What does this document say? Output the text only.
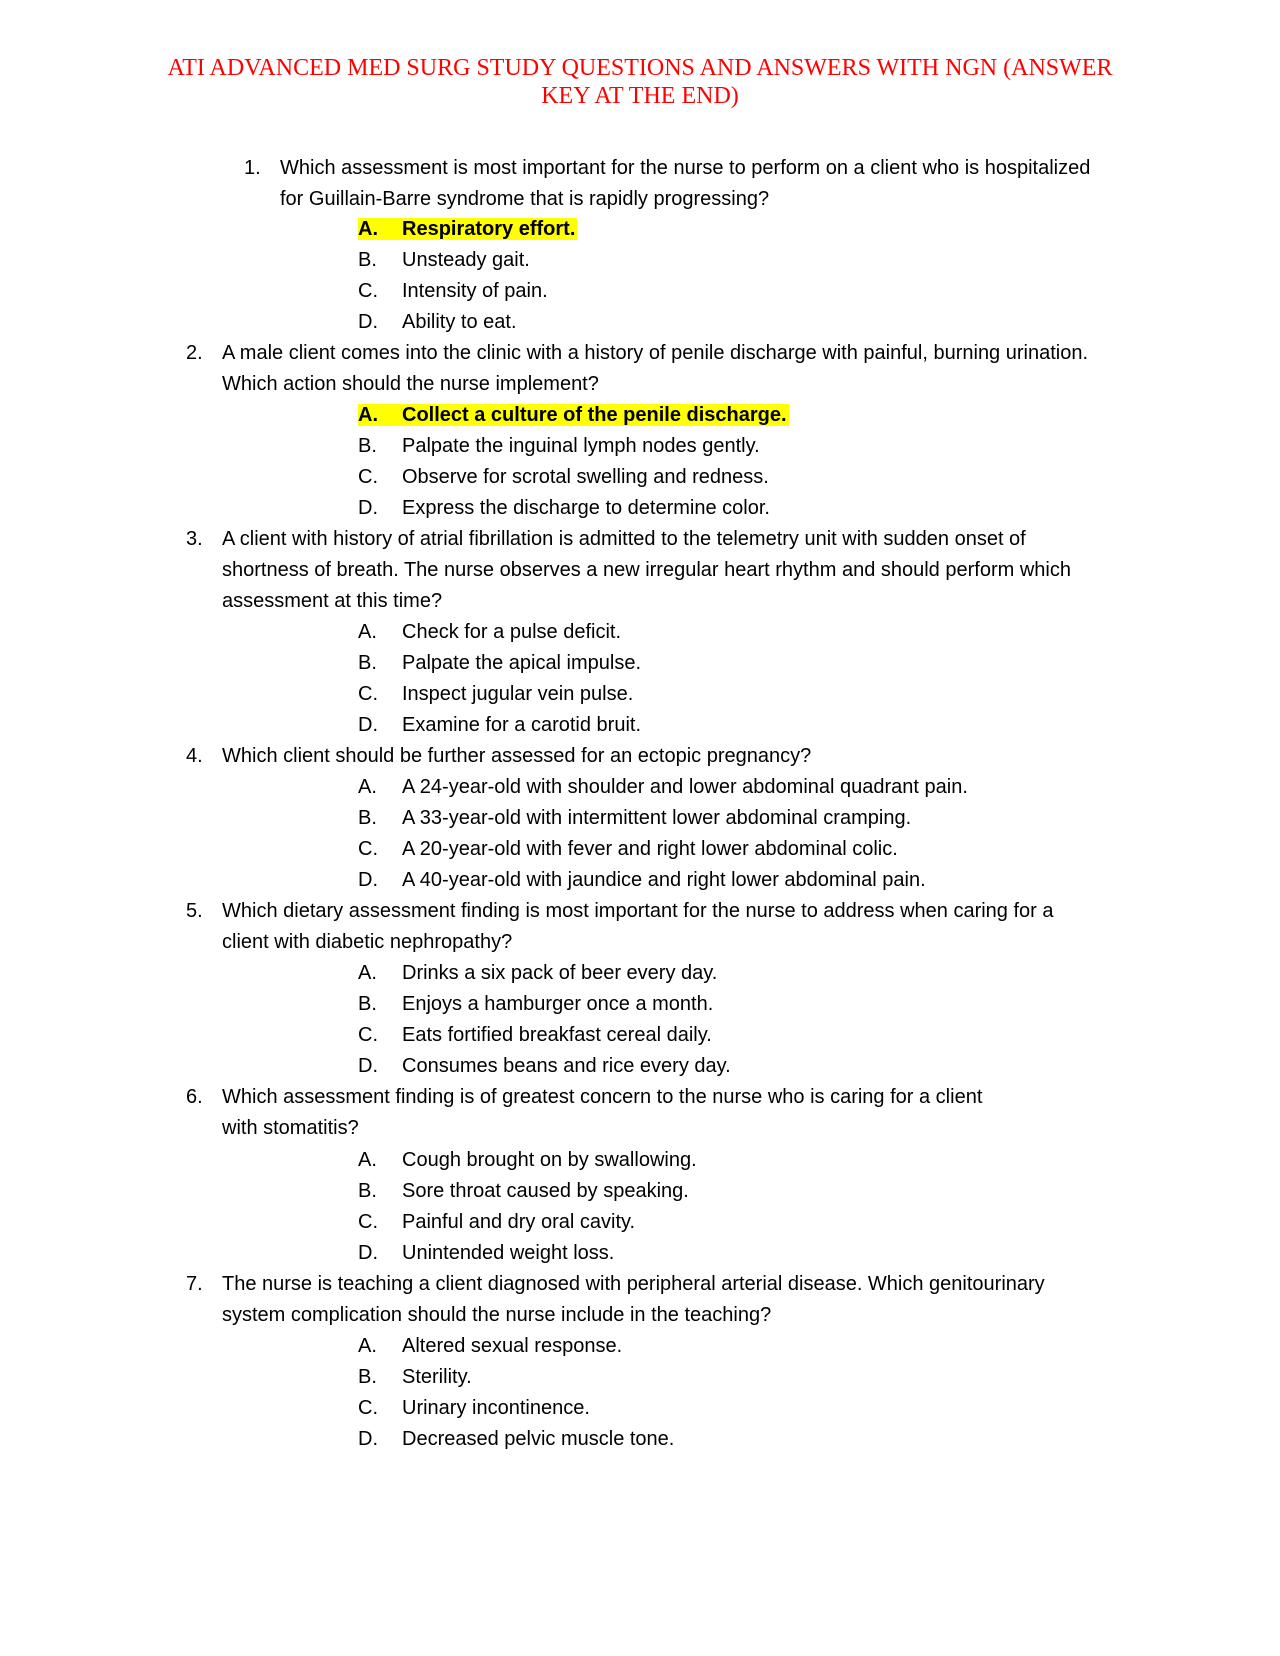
ATI ADVANCED MED SURG STUDY QUESTIONS AND ANSWERS WITH NGN (ANSWER KEY AT THE END)
1. Which assessment is most important for the nurse to perform on a client who is hospitalized for Guillain-Barre syndrome that is rapidly progressing?
A. Respiratory effort.
B. Unsteady gait.
C. Intensity of pain.
D. Ability to eat.
2. A male client comes into the clinic with a history of penile discharge with painful, burning urination. Which action should the nurse implement?
A. Collect a culture of the penile discharge.
B. Palpate the inguinal lymph nodes gently.
C. Observe for scrotal swelling and redness.
D. Express the discharge to determine color.
3. A client with history of atrial fibrillation is admitted to the telemetry unit with sudden onset of shortness of breath. The nurse observes a new irregular heart rhythm and should perform which assessment at this time?
A. Check for a pulse deficit.
B. Palpate the apical impulse.
C. Inspect jugular vein pulse.
D. Examine for a carotid bruit.
4. Which client should be further assessed for an ectopic pregnancy?
A. A 24-year-old with shoulder and lower abdominal quadrant pain.
B. A 33-year-old with intermittent lower abdominal cramping.
C. A 20-year-old with fever and right lower abdominal colic.
D. A 40-year-old with jaundice and right lower abdominal pain.
5. Which dietary assessment finding is most important for the nurse to address when caring for a client with diabetic nephropathy?
A. Drinks a six pack of beer every day.
B. Enjoys a hamburger once a month.
C. Eats fortified breakfast cereal daily.
D. Consumes beans and rice every day.
6. Which assessment finding is of greatest concern to the nurse who is caring for a client with stomatitis?
A. Cough brought on by swallowing.
B. Sore throat caused by speaking.
C. Painful and dry oral cavity.
D. Unintended weight loss.
7. The nurse is teaching a client diagnosed with peripheral arterial disease. Which genitourinary system complication should the nurse include in the teaching?
A. Altered sexual response.
B. Sterility.
C. Urinary incontinence.
D. Decreased pelvic muscle tone.
